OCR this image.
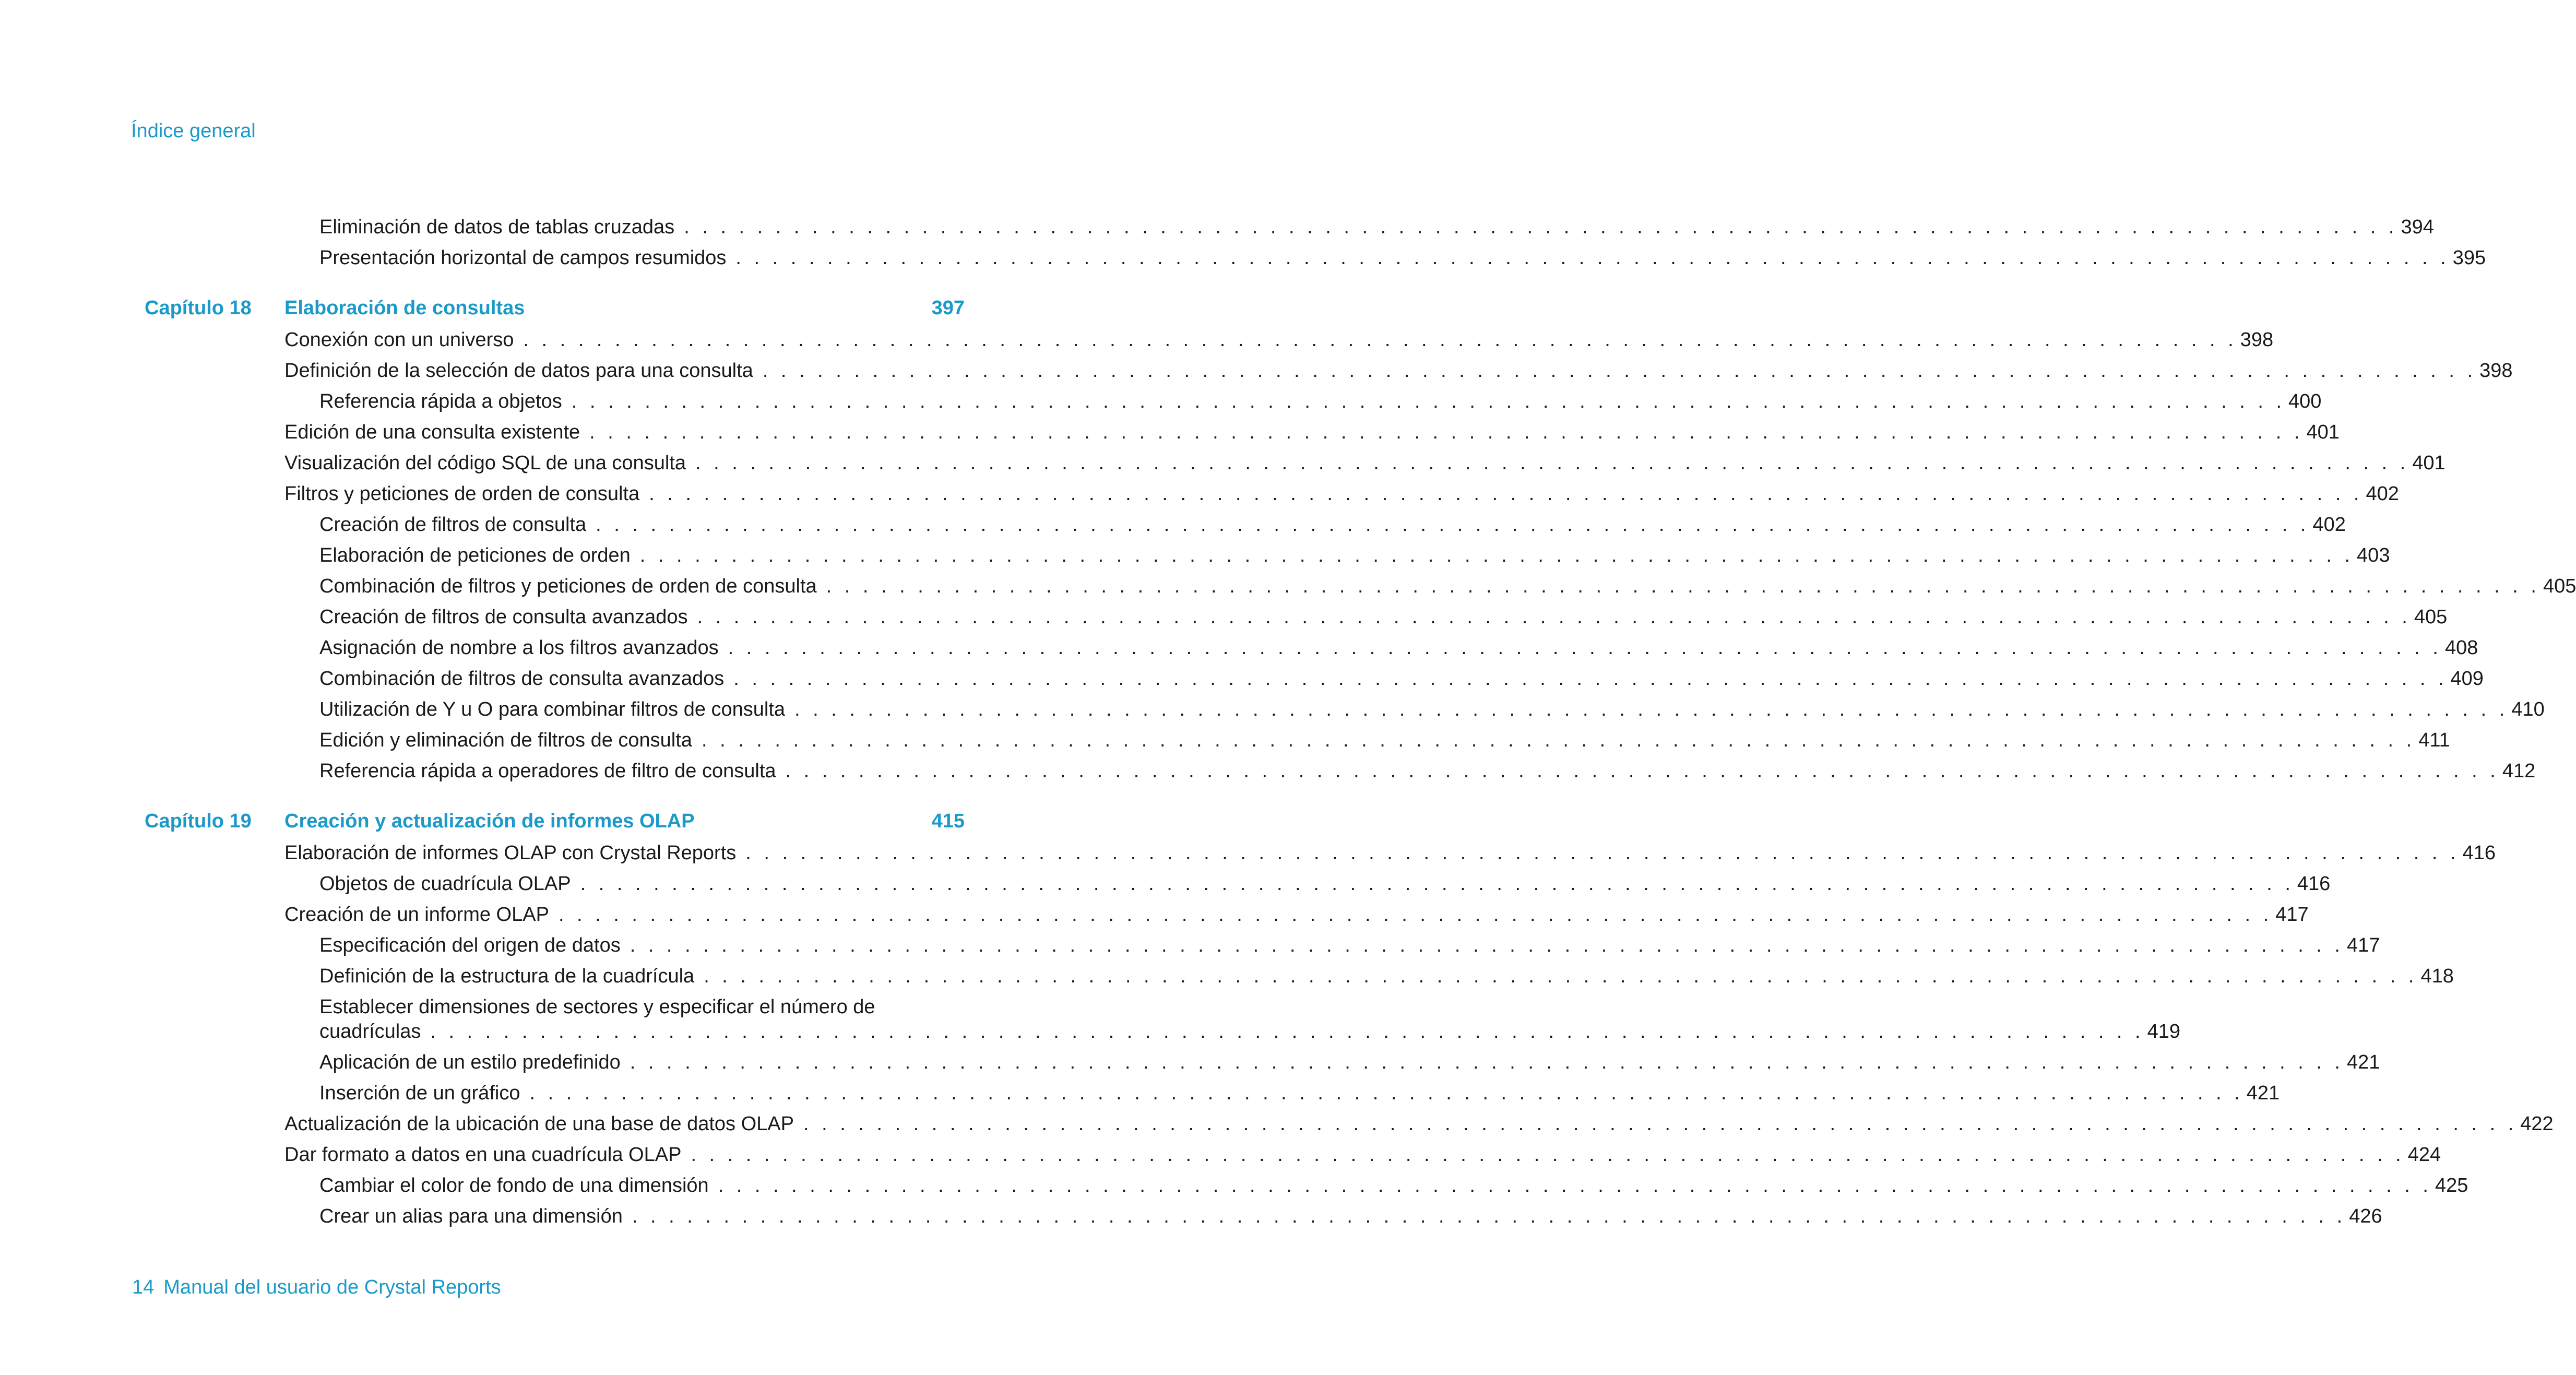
Índice general
Eliminación de datos de tablas cruzadas . . . . . . . . . . . . . . . . . . . . . . . . . . . . . . . . . . . . . . . . . . . . . . . . . . . . . . . . . . . . . . . . . . . . . . . . . . . . . . . . . . . . . . . . . . . . . . 394
Presentación horizontal de campos resumidos . . . . . . . . . . . . . . . . . . . . . . . . . . . . . . . . . . . . . . . . . . . . . . . . . . . . . . . . . . . . . . . . . . . . . . . . . . . . . . . . . . . . . . . . . . . . . . 395
Capítulo 18	Elaboración de consultas	397
Conexión con un universo . . . . . . . . . . . . . . . . . . . . . . . . . . . . . . . . . . . . . . . . . . . . . . . . . . . . . . . . . . . . . . . . . . . . . . . . . . . . . . . . . . . . . . . . . . . . . . 398
Definición de la selección de datos para una consulta . . . . . . . . . . . . . . . . . . . . . . . . . . . . . . . . . . . . . . . . . . . . . . . . . . . . . . . . . . . . . . . . . . . . . . . . . . . . . . . . . . . . . . . . . . . . . . 398
Referencia rápida a objetos . . . . . . . . . . . . . . . . . . . . . . . . . . . . . . . . . . . . . . . . . . . . . . . . . . . . . . . . . . . . . . . . . . . . . . . . . . . . . . . . . . . . . . . . . . . . . . 400
Edición de una consulta existente . . . . . . . . . . . . . . . . . . . . . . . . . . . . . . . . . . . . . . . . . . . . . . . . . . . . . . . . . . . . . . . . . . . . . . . . . . . . . . . . . . . . . . . . . . . . . . 401
Visualización del código SQL de una consulta . . . . . . . . . . . . . . . . . . . . . . . . . . . . . . . . . . . . . . . . . . . . . . . . . . . . . . . . . . . . . . . . . . . . . . . . . . . . . . . . . . . . . . . . . . . . . . 401
Filtros y peticiones de orden de consulta . . . . . . . . . . . . . . . . . . . . . . . . . . . . . . . . . . . . . . . . . . . . . . . . . . . . . . . . . . . . . . . . . . . . . . . . . . . . . . . . . . . . . . . . . . . . . . 402
Creación de filtros de consulta . . . . . . . . . . . . . . . . . . . . . . . . . . . . . . . . . . . . . . . . . . . . . . . . . . . . . . . . . . . . . . . . . . . . . . . . . . . . . . . . . . . . . . . . . . . . . . 402
Elaboración de peticiones de orden . . . . . . . . . . . . . . . . . . . . . . . . . . . . . . . . . . . . . . . . . . . . . . . . . . . . . . . . . . . . . . . . . . . . . . . . . . . . . . . . . . . . . . . . . . . . . . 403
Combinación de filtros y peticiones de orden de consulta . . . . . . . . . . . . . . . . . . . . . . . . . . . . . . . . . . . . . . . . . . . . . . . . . . . . . . . . . . . . . . . . . . . . . . . . . . . . . . . . . . . . . . . . . . . . . . 405
Creación de filtros de consulta avanzados . . . . . . . . . . . . . . . . . . . . . . . . . . . . . . . . . . . . . . . . . . . . . . . . . . . . . . . . . . . . . . . . . . . . . . . . . . . . . . . . . . . . . . . . . . . . . . 405
Asignación de nombre a los filtros avanzados . . . . . . . . . . . . . . . . . . . . . . . . . . . . . . . . . . . . . . . . . . . . . . . . . . . . . . . . . . . . . . . . . . . . . . . . . . . . . . . . . . . . . . . . . . . . . . 408
Combinación de filtros de consulta avanzados . . . . . . . . . . . . . . . . . . . . . . . . . . . . . . . . . . . . . . . . . . . . . . . . . . . . . . . . . . . . . . . . . . . . . . . . . . . . . . . . . . . . . . . . . . . . . . 409
Utilización de Y u O para combinar filtros de consulta . . . . . . . . . . . . . . . . . . . . . . . . . . . . . . . . . . . . . . . . . . . . . . . . . . . . . . . . . . . . . . . . . . . . . . . . . . . . . . . . . . . . . . . . . . . . . . 410
Edición y eliminación de filtros de consulta . . . . . . . . . . . . . . . . . . . . . . . . . . . . . . . . . . . . . . . . . . . . . . . . . . . . . . . . . . . . . . . . . . . . . . . . . . . . . . . . . . . . . . . . . . . . . . 411
Referencia rápida a operadores de filtro de consulta . . . . . . . . . . . . . . . . . . . . . . . . . . . . . . . . . . . . . . . . . . . . . . . . . . . . . . . . . . . . . . . . . . . . . . . . . . . . . . . . . . . . . . . . . . . . . . 412
Capítulo 19	Creación y actualización de informes OLAP	415
Elaboración de informes OLAP con Crystal Reports . . . . . . . . . . . . . . . . . . . . . . . . . . . . . . . . . . . . . . . . . . . . . . . . . . . . . . . . . . . . . . . . . . . . . . . . . . . . . . . . . . . . . . . . . . . . . . 416
Objetos de cuadrícula OLAP . . . . . . . . . . . . . . . . . . . . . . . . . . . . . . . . . . . . . . . . . . . . . . . . . . . . . . . . . . . . . . . . . . . . . . . . . . . . . . . . . . . . . . . . . . . . . . 416
Creación de un informe OLAP . . . . . . . . . . . . . . . . . . . . . . . . . . . . . . . . . . . . . . . . . . . . . . . . . . . . . . . . . . . . . . . . . . . . . . . . . . . . . . . . . . . . . . . . . . . . . . 417
Especificación del origen de datos . . . . . . . . . . . . . . . . . . . . . . . . . . . . . . . . . . . . . . . . . . . . . . . . . . . . . . . . . . . . . . . . . . . . . . . . . . . . . . . . . . . . . . . . . . . . . . 417
Definición de la estructura de la cuadrícula . . . . . . . . . . . . . . . . . . . . . . . . . . . . . . . . . . . . . . . . . . . . . . . . . . . . . . . . . . . . . . . . . . . . . . . . . . . . . . . . . . . . . . . . . . . . . . 418
Establecer dimensiones de sectores y especificar el número de
cuadrículas . . . . . . . . . . . . . . . . . . . . . . . . . . . . . . . . . . . . . . . . . . . . . . . . . . . . . . . . . . . . . . . . . . . . . . . . . . . . . . . . . . . . . . . . . . . . . . 419
Aplicación de un estilo predefinido . . . . . . . . . . . . . . . . . . . . . . . . . . . . . . . . . . . . . . . . . . . . . . . . . . . . . . . . . . . . . . . . . . . . . . . . . . . . . . . . . . . . . . . . . . . . . . 421
Inserción de un gráfico . . . . . . . . . . . . . . . . . . . . . . . . . . . . . . . . . . . . . . . . . . . . . . . . . . . . . . . . . . . . . . . . . . . . . . . . . . . . . . . . . . . . . . . . . . . . . . 421
Actualización de la ubicación de una base de datos OLAP . . . . . . . . . . . . . . . . . . . . . . . . . . . . . . . . . . . . . . . . . . . . . . . . . . . . . . . . . . . . . . . . . . . . . . . . . . . . . . . . . . . . . . . . . . . . . . 422
Dar formato a datos en una cuadrícula OLAP . . . . . . . . . . . . . . . . . . . . . . . . . . . . . . . . . . . . . . . . . . . . . . . . . . . . . . . . . . . . . . . . . . . . . . . . . . . . . . . . . . . . . . . . . . . . . . 424
Cambiar el color de fondo de una dimensión . . . . . . . . . . . . . . . . . . . . . . . . . . . . . . . . . . . . . . . . . . . . . . . . . . . . . . . . . . . . . . . . . . . . . . . . . . . . . . . . . . . . . . . . . . . . . . 425
Crear un alias para una dimensión . . . . . . . . . . . . . . . . . . . . . . . . . . . . . . . . . . . . . . . . . . . . . . . . . . . . . . . . . . . . . . . . . . . . . . . . . . . . . . . . . . . . . . . . . . . . . . 426
14 Manual del usuario de Crystal Reports
